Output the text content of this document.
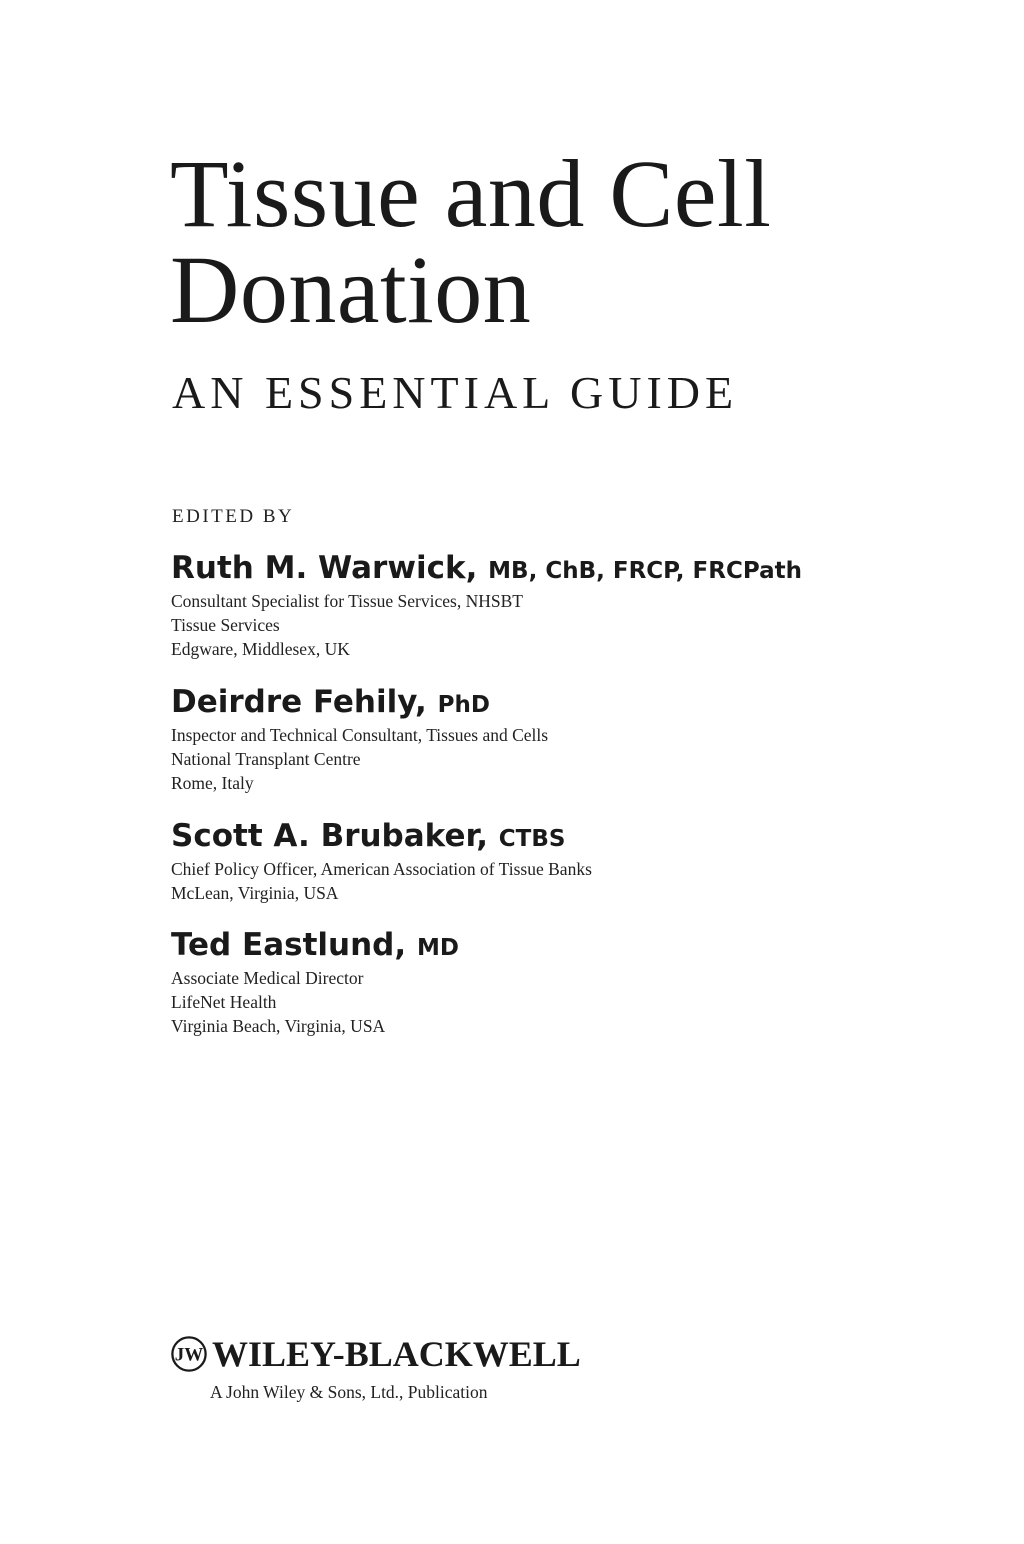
Tissue and Cell
Donation
AN ESSENTIAL GUIDE
EDITED BY
Ruth M. Warwick, MB, ChB, FRCP, FRCPath
Consultant Specialist for Tissue Services, NHSBT
Tissue Services
Edgware, Middlesex, UK
Deirdre Fehily, PhD
Inspector and Technical Consultant, Tissues and Cells
National Transplant Centre
Rome, Italy
Scott A. Brubaker, CTBS
Chief Policy Officer, American Association of Tissue Banks
McLean, Virginia, USA
Ted Eastlund, MD
Associate Medical Director
LifeNet Health
Virginia Beach, Virginia, USA
JW WILEY-BLACKWELL
A John Wiley & Sons, Ltd., Publication
